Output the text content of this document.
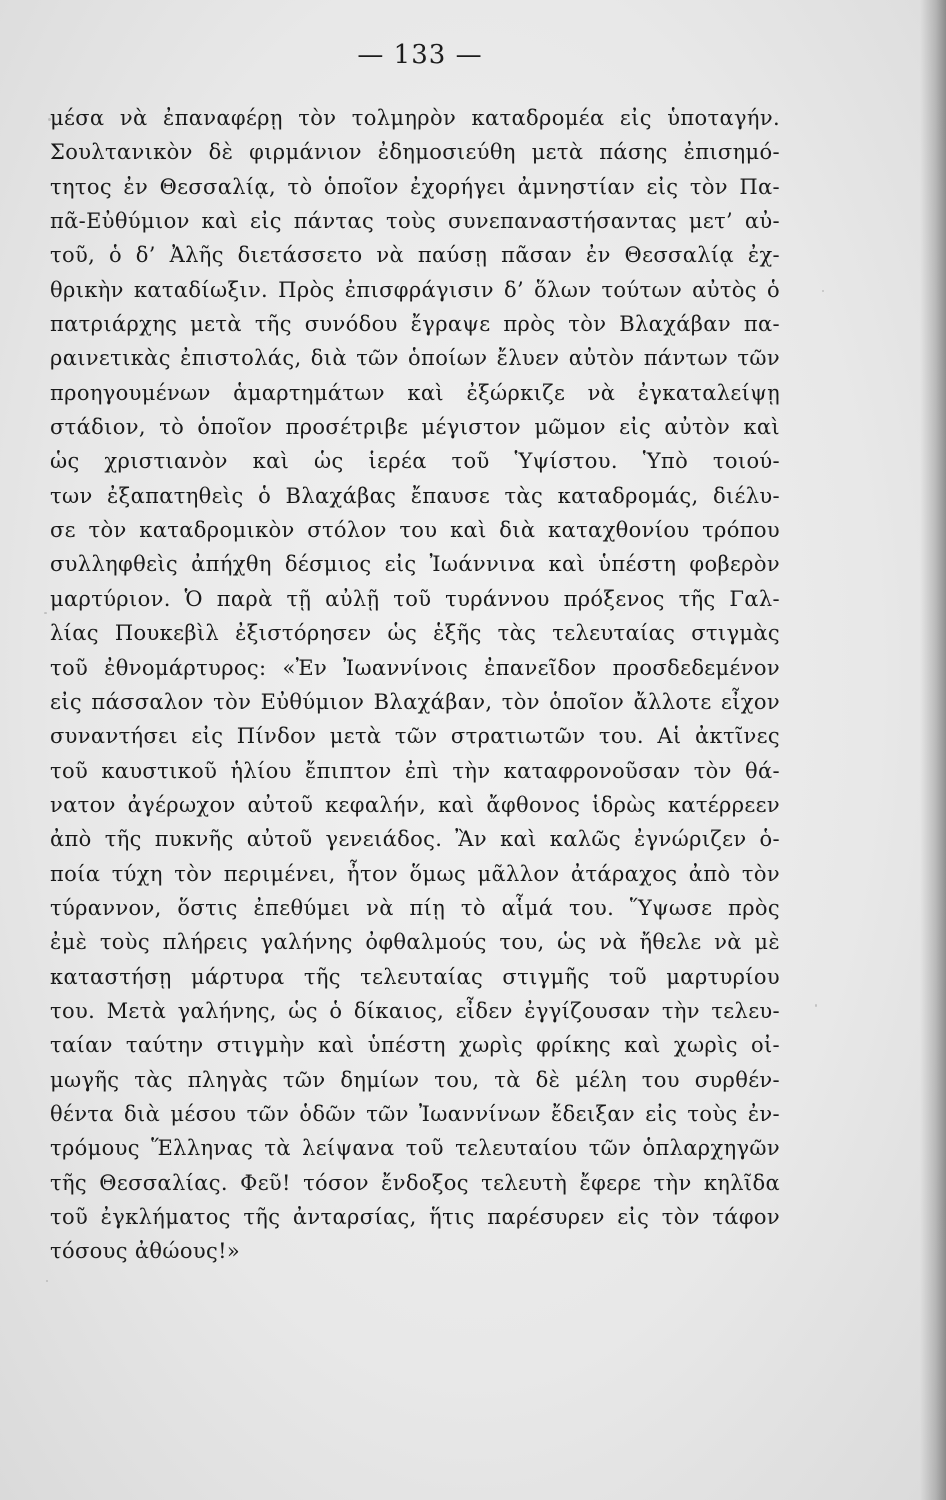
— 133 —
μέσα νὰ ἐπαναφέρῃ τὸν τολμηρὸν καταδρομέα εἰς ὑποταγήν.
Σουλτανικὸν δὲ φιρμάνιον ἐδημοσιεύθη μετὰ πάσης ἐπισημό-
τητος ἐν Θεσσαλίᾳ, τὸ ὁποῖον ἐχορήγει ἀμνηστίαν εἰς τὸν Πα-
πᾶ-Εὐθύμιον καὶ εἰς πάντας τοὺς συνεπαναστήσαντας μετ’ αὐ-
τοῦ, ὁ δ’ Ἀλῆς διετάσσετο νὰ παύσῃ πᾶσαν ἐν Θεσσαλίᾳ ἐχ-
θρικὴν καταδίωξιν. Πρὸς ἐπισφράγισιν δ’ ὅλων τούτων αὐτὸς ὁ
πατριάρχης μετὰ τῆς συνόδου ἔγραψε πρὸς τὸν Βλαχάβαν πα-
ραινετικὰς ἐπιστολάς, διὰ τῶν ὁποίων ἔλυεν αὐτὸν πάντων τῶν
προηγουμένων ἁμαρτημάτων καὶ ἐξώρκιζε νὰ ἐγκαταλείψῃ
στάδιον, τὸ ὁποῖον προσέτριβε μέγιστον μῶμον εἰς αὐτὸν καὶ
ὡς χριστιανὸν καὶ ὡς ἱερέα τοῦ Ὑψίστου. Ὑπὸ τοιού-
των ἐξαπατηθεὶς ὁ Βλαχάβας ἔπαυσε τὰς καταδρομάς, διέλυ-
σε τὸν καταδρομικὸν στόλον του καὶ διὰ καταχθονίου τρόπου
συλληφθεὶς ἀπήχθη δέσμιος εἰς Ἰωάννινα καὶ ὑπέστη φοβερὸν
μαρτύριον. Ὁ παρὰ τῇ αὐλῇ τοῦ τυράννου πρόξενος τῆς Γαλ-
λίας Πουκεβὶλ ἐξιστόρησεν ὡς ἑξῆς τὰς τελευταίας στιγμὰς
τοῦ ἐθνομάρτυρος: «Ἐν Ἰωαννίνοις ἐπανεῖδον προσδεδεμένον
εἰς πάσσαλον τὸν Εὐθύμιον Βλαχάβαν, τὸν ὁποῖον ἄλλοτε εἶχον
συναντήσει εἰς Πίνδον μετὰ τῶν στρατιωτῶν του. Αἱ ἀκτῖνες
τοῦ καυστικοῦ ἡλίου ἔπιπτον ἐπὶ τὴν καταφρονοῦσαν τὸν θά-
νατον ἀγέρωχον αὐτοῦ κεφαλήν, καὶ ἄφθονος ἱδρὼς κατέρρεεν
ἀπὸ τῆς πυκνῆς αὐτοῦ γενειάδος. Ἂν καὶ καλῶς ἐγνώριζεν ὁ-
ποία τύχη τὸν περιμένει, ἦτον ὅμως μᾶλλον ἀτάραχος ἀπὸ τὸν
τύραννον, ὅστις ἐπεθύμει νὰ πίῃ τὸ αἷμά του. Ὕψωσε πρὸς
ἐμὲ τοὺς πλήρεις γαλήνης ὀφθαλμούς του, ὡς νὰ ἤθελε νὰ μὲ
καταστήσῃ μάρτυρα τῆς τελευταίας στιγμῆς τοῦ μαρτυρίου
του. Μετὰ γαλήνης, ὡς ὁ δίκαιος, εἶδεν ἐγγίζουσαν τὴν τελευ-
ταίαν ταύτην στιγμὴν καὶ ὑπέστη χωρὶς φρίκης καὶ χωρὶς οἰ-
μωγῆς τὰς πληγὰς τῶν δημίων του, τὰ δὲ μέλη του συρθέν-
θέντα διὰ μέσου τῶν ὁδῶν τῶν Ἰωαννίνων ἔδειξαν εἰς τοὺς ἐν-
τρόμους Ἕλληνας τὰ λείψανα τοῦ τελευταίου τῶν ὁπλαρχηγῶν
τῆς Θεσσαλίας. Φεῦ! τόσον ἔνδοξος τελευτὴ ἔφερε τὴν κηλῖδα
τοῦ ἐγκλήματος τῆς ἀνταρσίας, ἥτις παρέσυρεν εἰς τὸν τάφον
τόσους ἀθώους!»
